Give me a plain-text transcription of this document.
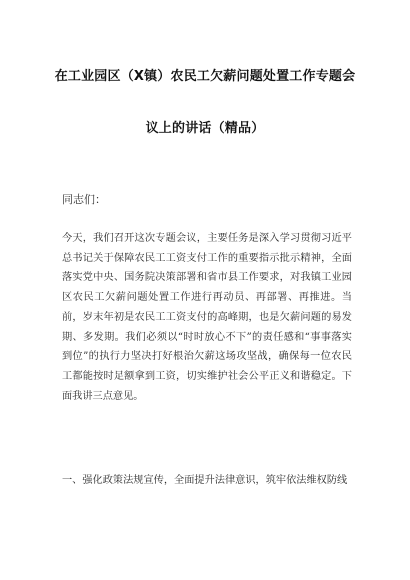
在工业园区（X镇）农民工欠薪问题处置工作专题会
议上的讲话（精品）
同志们：
今天，我们召开这次专题会议，主要任务是深入学习贯彻习近平总书记关于保障农民工工资支付工作的重要指示批示精神，全面落实党中央、国务院决策部署和省市县工作要求，对我镇工业园区农民工欠薪问题处置工作进行再动员、再部署、再推进。当前，岁末年初是农民工工资支付的高峰期，也是欠薪问题的易发期、多发期。我们必须以“时时放心不下”的责任感和“事事落实到位”的执行力坚决打好根治欠薪这场攻坚战，确保每一位农民工都能按时足额拿到工资，切实维护社会公平正义和谐稳定。下面我讲三点意见。
一、强化政策法规宣传，全面提升法律意识，筑牢依法维权防线
